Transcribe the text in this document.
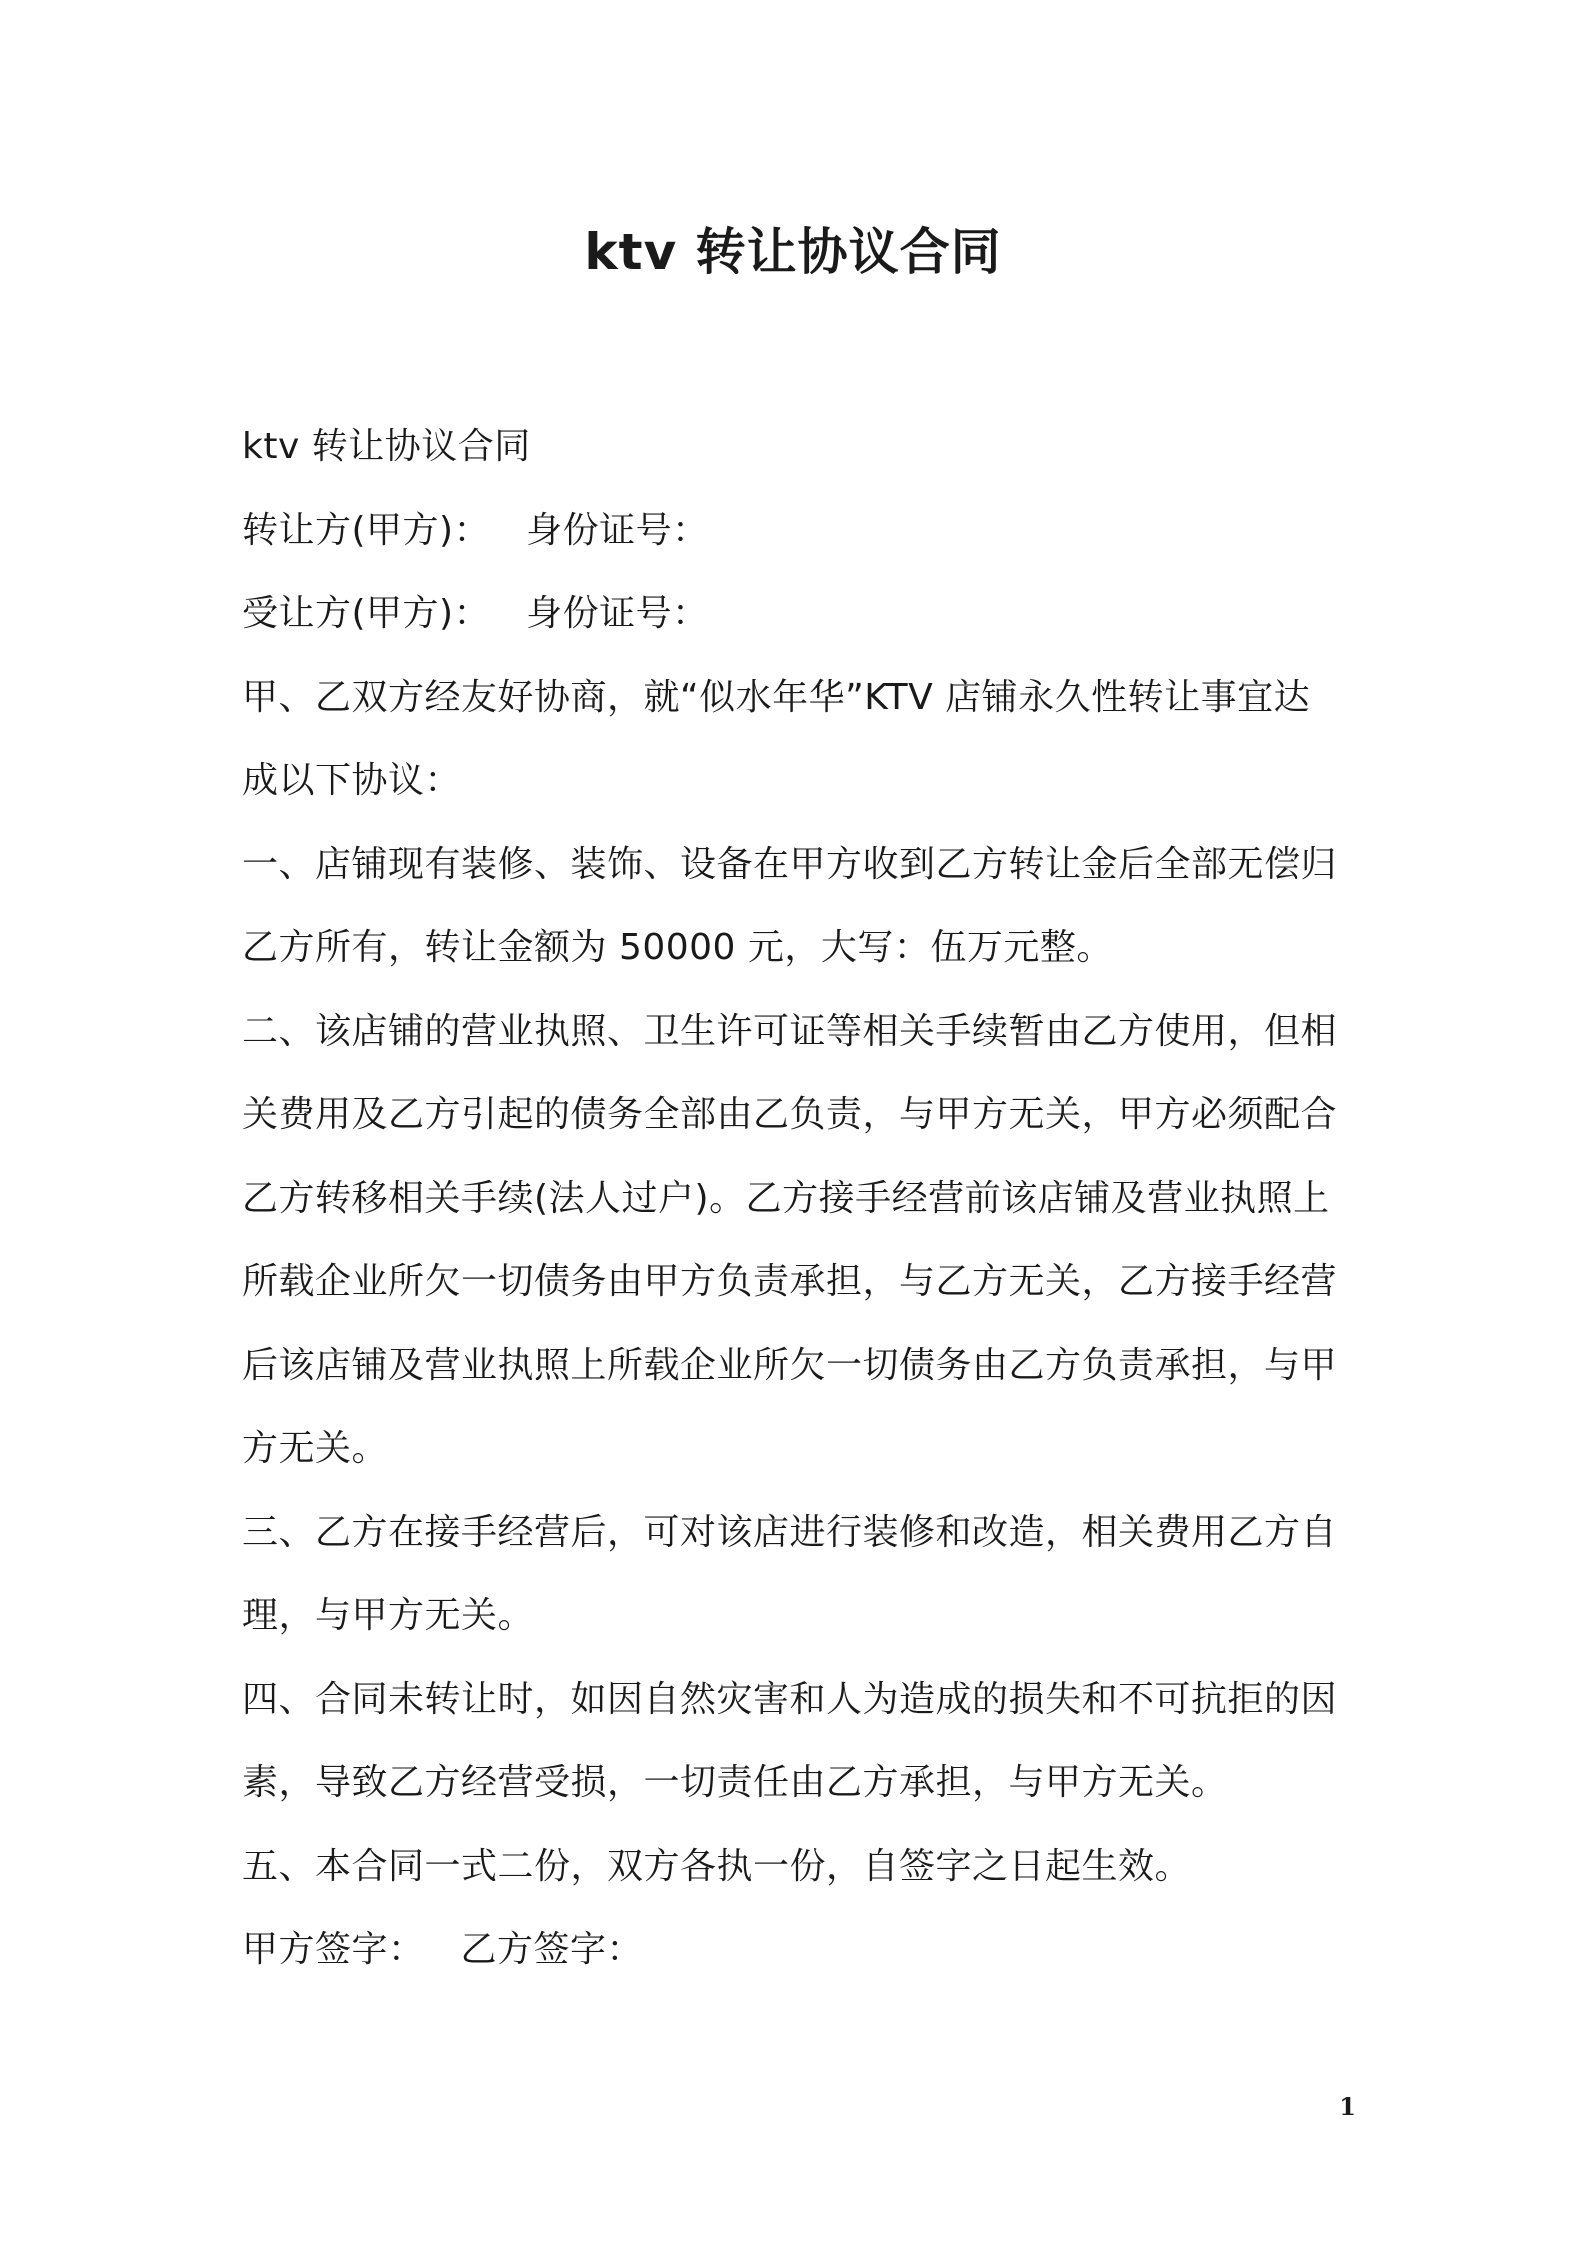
ktv 转让协议合同

ktv 转让协议合同

转让方(甲方)： 身份证号：

受让方(甲方)： 身份证号：

甲、乙双方经友好协商，就“似水年华”KTV 店铺永久性转让事宜达

成以下协议：

一、店铺现有装修、装饰、设备在甲方收到乙方转让金后全部无偿归

乙方所有，转让金额为 50000 元，大写：伍万元整。

二、该店铺的营业执照、卫生许可证等相关手续暂由乙方使用，但相

关费用及乙方引起的债务全部由乙负责，与甲方无关，甲方必须配合

乙方转移相关手续(法人过户)。乙方接手经营前该店铺及营业执照上

所载企业所欠一切债务由甲方负责承担，与乙方无关，乙方接手经营

后该店铺及营业执照上所载企业所欠一切债务由乙方负责承担，与甲

方无关。

三、乙方在接手经营后，可对该店进行装修和改造，相关费用乙方自

理，与甲方无关。

四、合同未转让时，如因自然灾害和人为造成的损失和不可抗拒的因

素，导致乙方经营受损，一切责任由乙方承担，与甲方无关。

五、本合同一式二份，双方各执一份，自签字之日起生效。

甲方签字： 乙方签字：

1
